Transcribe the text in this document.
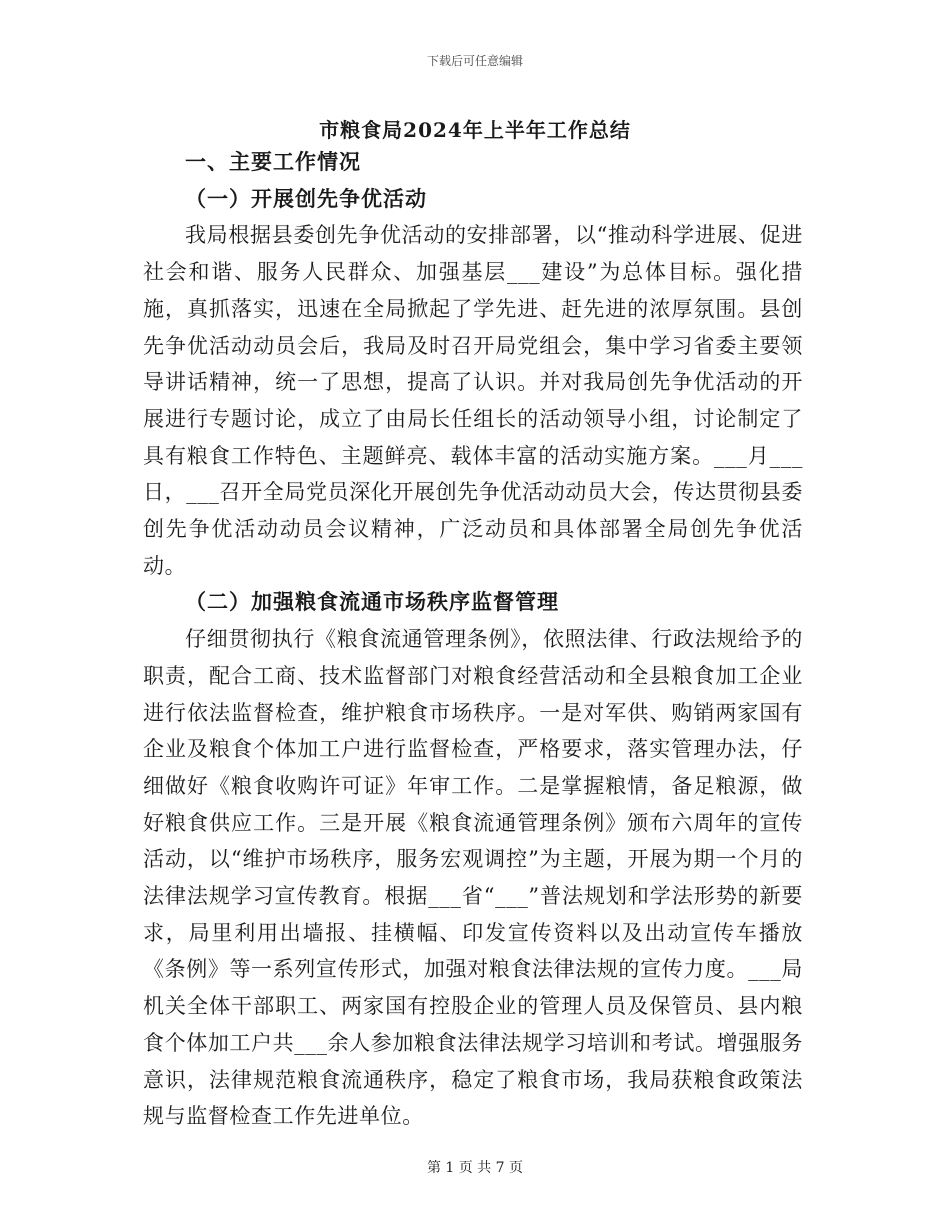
下载后可任意编辑
市粮食局2024年上半年工作总结

一、主要工作情况

（一）开展创先争优活动

我局根据县委创先争优活动的安排部署，以“推动科学进展、促进社会和谐、服务人民群众、加强基层___建设”为总体目标。强化措施，真抓落实，迅速在全局掀起了学先进、赶先进的浓厚氛围。县创先争优活动动员会后，我局及时召开局党组会，集中学习省委主要领导讲话精神，统一了思想，提高了认识。并对我局创先争优活动的开展进行专题讨论，成立了由局长任组长的活动领导小组，讨论制定了具有粮食工作特色、主题鲜亮、载体丰富的活动实施方案。___月___日，___召开全局党员深化开展创先争优活动动员大会，传达贯彻县委创先争优活动动员会议精神，广泛动员和具体部署全局创先争优活动。

（二）加强粮食流通市场秩序监督管理

仔细贯彻执行《粮食流通管理条例》，依照法律、行政法规给予的职责，配合工商、技术监督部门对粮食经营活动和全县粮食加工企业进行依法监督检查，维护粮食市场秩序。一是对军供、购销两家国有企业及粮食个体加工户进行监督检查，严格要求，落实管理办法，仔细做好《粮食收购许可证》年审工作。二是掌握粮情，备足粮源，做好粮食供应工作。三是开展《粮食流通管理条例》颁布六周年的宣传活动，以“维护市场秩序，服务宏观调控”为主题，开展为期一个月的法律法规学习宣传教育。根据___省“___”普法规划和学法形势的新要求，局里利用出墙报、挂横幅、印发宣传资料以及出动宣传车播放《条例》等一系列宣传形式，加强对粮食法律法规的宣传力度。___局机关全体干部职工、两家国有控股企业的管理人员及保管员、县内粮食个体加工户共___余人参加粮食法律法规学习培训和考试。增强服务意识，法律规范粮食流通秩序，稳定了粮食市场，我局获粮食政策法规与监督检查工作先进单位。

第 1 页 共 7 页
